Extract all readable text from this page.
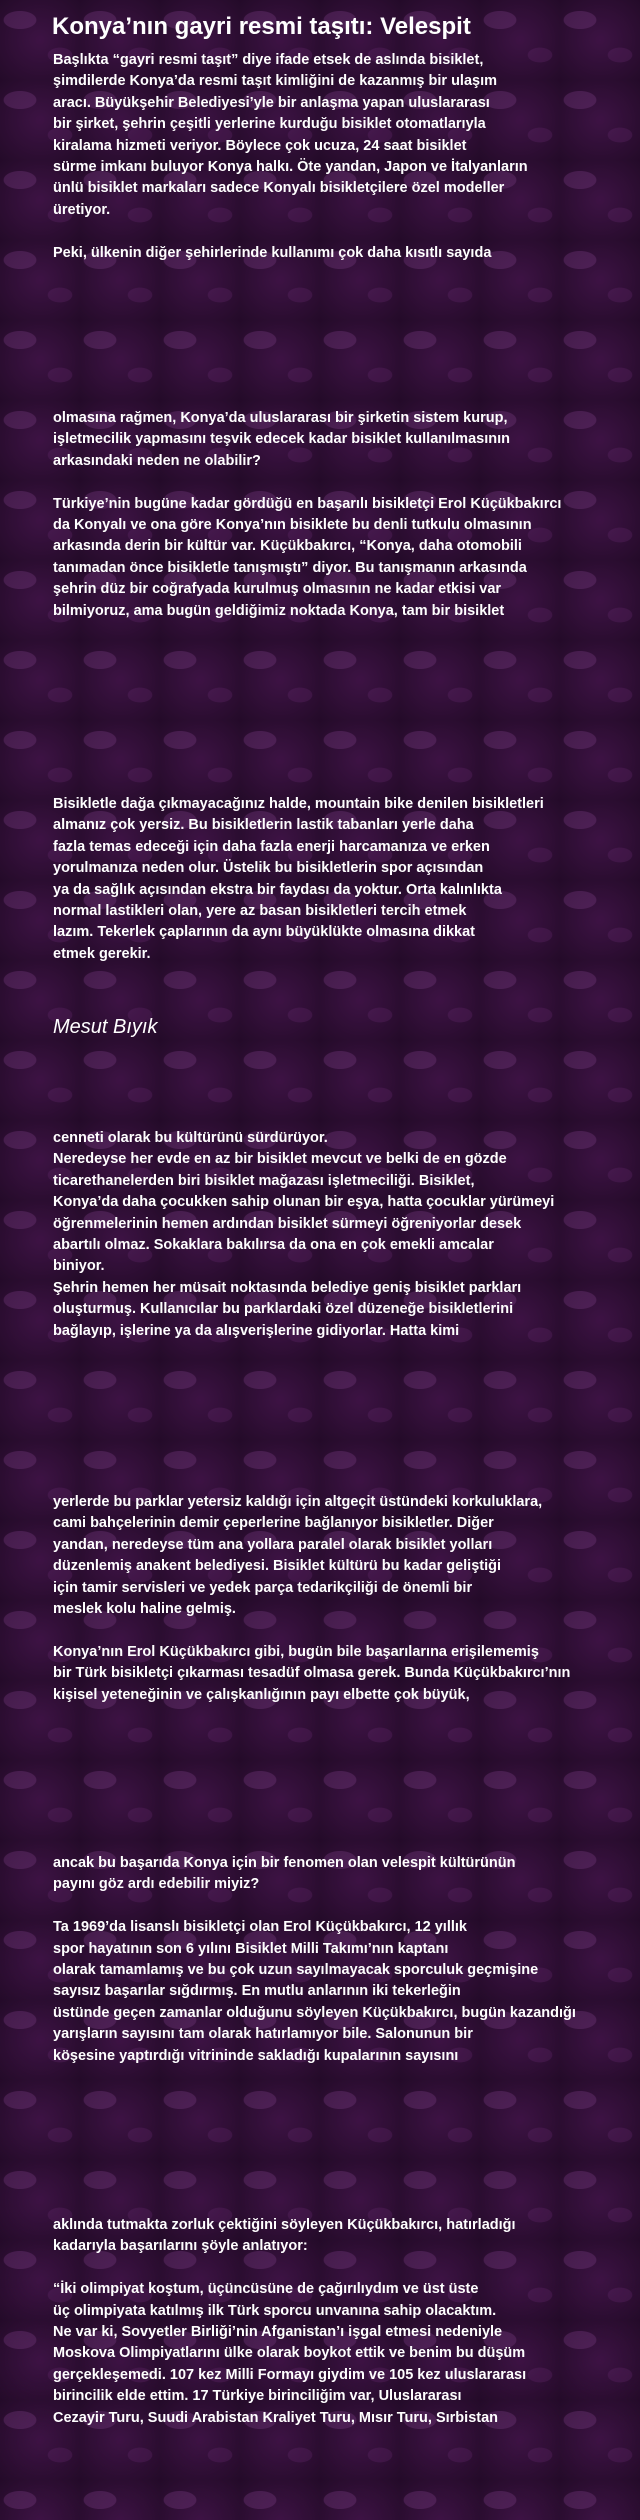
Konya’nın gayri resmi taşıtı: Velespit
Başlıkta “gayri resmi taşıt” diye ifade etsek de aslında bisiklet,
şimdilerde Konya’da resmi taşıt kimliğini de kazanmış bir ulaşım
aracı. Büyükşehir Belediyesi’yle bir anlaşma yapan uluslararası
bir şirket, şehrin çeşitli yerlerine kurduğu bisiklet otomatlarıyla
kiralama hizmeti veriyor. Böylece çok ucuza, 24 saat bisiklet
sürme imkanı buluyor Konya halkı. Öte yandan, Japon ve İtalyanların
ünlü bisiklet markaları sadece Konyalı bisikletçilere özel modeller
üretiyor.
Peki, ülkenin diğer şehirlerinde kullanımı çok daha kısıtlı sayıda
olmasına rağmen, Konya’da uluslararası bir şirketin sistem kurup,
işletmecilik yapmasını teşvik edecek kadar bisiklet kullanılmasının
arkasındaki neden ne olabilir?
Türkiye’nin bugüne kadar gördüğü en başarılı bisikletçi Erol Küçükbakırcı
da Konyalı ve ona göre Konya’nın bisiklete bu denli tutkulu olmasının
arkasında derin bir kültür var. Küçükbakırcı, “Konya, daha otomobili
tanımadan önce bisikletle tanışmıştı” diyor. Bu tanışmanın arkasında
şehrin düz bir coğrafyada kurulmuş olmasının ne kadar etkisi var
bilmiyoruz, ama bugün geldiğimiz noktada Konya, tam bir bisiklet
Bisikletle dağa çıkmayacağınız halde, mountain bike denilen bisikletleri
almanız çok yersiz. Bu bisikletlerin lastik tabanları yerle daha
fazla temas edeceği için daha fazla enerji harcamanıza ve erken
yorulmanıza neden olur. Üstelik bu bisikletlerin spor açısından
ya da sağlık açısından ekstra bir faydası da yoktur. Orta kalınlıkta
normal lastikleri olan, yere az basan bisikletleri tercih etmek
lazım. Tekerlek çaplarının da aynı büyüklükte olmasına dikkat
etmek gerekir.
Mesut Bıyık
cenneti olarak bu kültürünü sürdürüyor.
Neredeyse her evde en az bir bisiklet mevcut ve belki de en gözde
ticarethanelerden biri bisiklet mağazası işletmeciliği. Bisiklet,
Konya’da daha çocukken sahip olunan bir eşya, hatta çocuklar yürümeyi
öğrenmelerinin hemen ardından bisiklet sürmeyi öğreniyorlar desek
abartılı olmaz. Sokaklara bakılırsa da ona en çok emekli amcalar
biniyor.
Şehrin hemen her müsait noktasında belediye geniş bisiklet parkları
oluşturmuş. Kullanıcılar bu parklardaki özel düzeneğe bisikletlerini
bağlayıp, işlerine ya da alışverişlerine gidiyorlar. Hatta kimi
yerlerde bu parklar yetersiz kaldığı için altgeçit üstündeki korkuluklara,
cami bahçelerinin demir çeperlerine bağlanıyor bisikletler. Diğer
yandan, neredeyse tüm ana yollara paralel olarak bisiklet yolları
düzenlemiş anakent belediyesi. Bisiklet kültürü bu kadar geliştiği
için tamir servisleri ve yedek parça tedarikçiliği de önemli bir
meslek kolu haline gelmiş.
Konya’nın Erol Küçükbakırcı gibi, bugün bile başarılarına erişilememiş
bir Türk bisikletçi çıkarması tesadüf olmasa gerek. Bunda Küçükbakırcı’nın
kişisel yeteneğinin ve çalışkanlığının payı elbette çok büyük,
ancak bu başarıda Konya için bir fenomen olan velespit kültürünün
payını göz ardı edebilir miyiz?
Ta 1969’da lisanslı bisikletçi olan Erol Küçükbakırcı, 12 yıllık
spor hayatının son 6 yılını Bisiklet Milli Takımı’nın kaptanı
olarak tamamlamış ve bu çok uzun sayılmayacak sporculuk geçmişine
sayısız başarılar sığdırmış. En mutlu anlarının iki tekerleğin
üstünde geçen zamanlar olduğunu söyleyen Küçükbakırcı, bugün kazandığı
yarışların sayısını tam olarak hatırlamıyor bile. Salonunun bir
köşesine yaptırdığı vitrininde sakladığı kupalarının sayısını
aklında tutmakta zorluk çektiğini söyleyen Küçükbakırcı, hatırladığı
kadarıyla başarılarını şöyle anlatıyor:
“İki olimpiyat koştum, üçüncüsüne de çağırılıydım ve üst üste
üç olimpiyata katılmış ilk Türk sporcu unvanına sahip olacaktım.
Ne var ki, Sovyetler Birliği’nin Afganistan’ı işgal etmesi nedeniyle
Moskova Olimpiyatlarını ülke olarak boykot ettik ve benim bu düşüm
gerçekleşemedi. 107 kez Milli Formayı giydim ve 105 kez uluslararası
birincilik elde ettim. 17 Türkiye birinciliğim var, Uluslararası
Cezayir Turu, Suudi Arabistan Kraliyet Turu, Mısır Turu, Sırbistan
